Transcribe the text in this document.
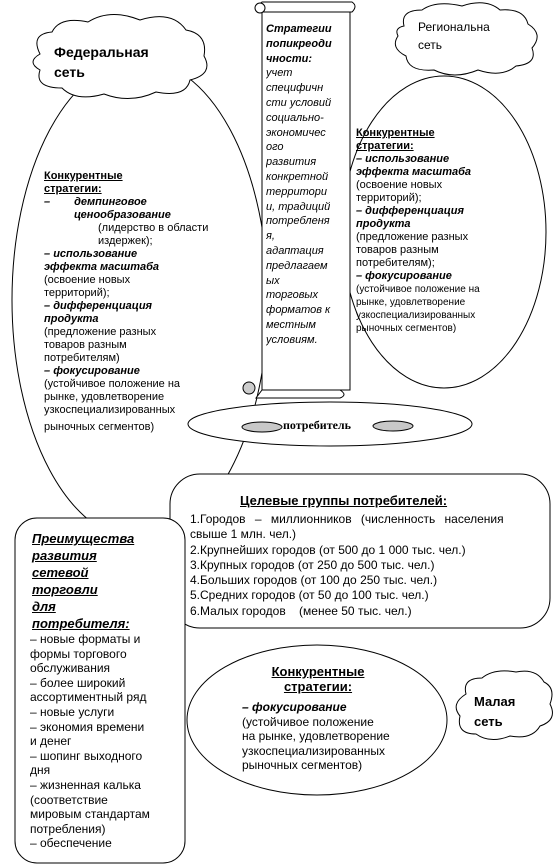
Федеральная
сеть
Конкурентные
стратегии:
– демпинговое
ценообразование
(лидерство в области
издержек);
– использование
эффекта масштаба
(освоение новых
территорий);
– дифференциация
продукта
(предложение разных
товаров разным
потребителям)
– фокусирование
(устойчивое положение на
рынке, удовлетворение
узкоспециализированных
рыночных сегментов)
Стратегии
попикреоди
чности:
учет
специфичн
сти условий
социально-
экономичес
ого
развития
конкретной
территори
и, традиций
потребленя
я,
адаптация
предлагаем
ых
торговых
форматов к
местным
условиям.
Региональна
сеть
Конкурентные
стратегии:
– использование
эффекта масштаба
(освоение новых
территорий);
– дифференциация
продукта
(предложение разных
товаров разным
потребителям);
– фокусирование
(устойчивое положение на
рынке, удовлетворение
узкоспециализированных
рыночных сегментов)
потребитель
Целевые группы потребителей:
1.Городов – миллионников (численность населения
свыше 1 млн. чел.)
2.Крупнейших городов (от 500 до 1 000 тыс. чел.)
3.Крупных городов (от 250 до 500 тыс. чел.)
4.Больших городов (от 100 до 250 тыс. чел.)
5.Средних городов (от 50 до 100 тыс. чел.)
6.Малых городов    (менее 50 тыс. чел.)
Преимущества
развития
сетевой
торговли
для
потребителя:
– новые форматы и
формы торгового
обслуживания
– более широкий
ассортиментный ряд
– новые услуги
– экономия времени
и денег
– шопинг выходного
дня
– жизненная калька
(соответствие
мировым стандартам
потребления)
– обеспечение
Конкурентные
стратегии:
– фокусирование
(устойчивое положение
на рынке, удовлетворение
узкоспециализированных
рыночных сегментов)
Малая
сеть
